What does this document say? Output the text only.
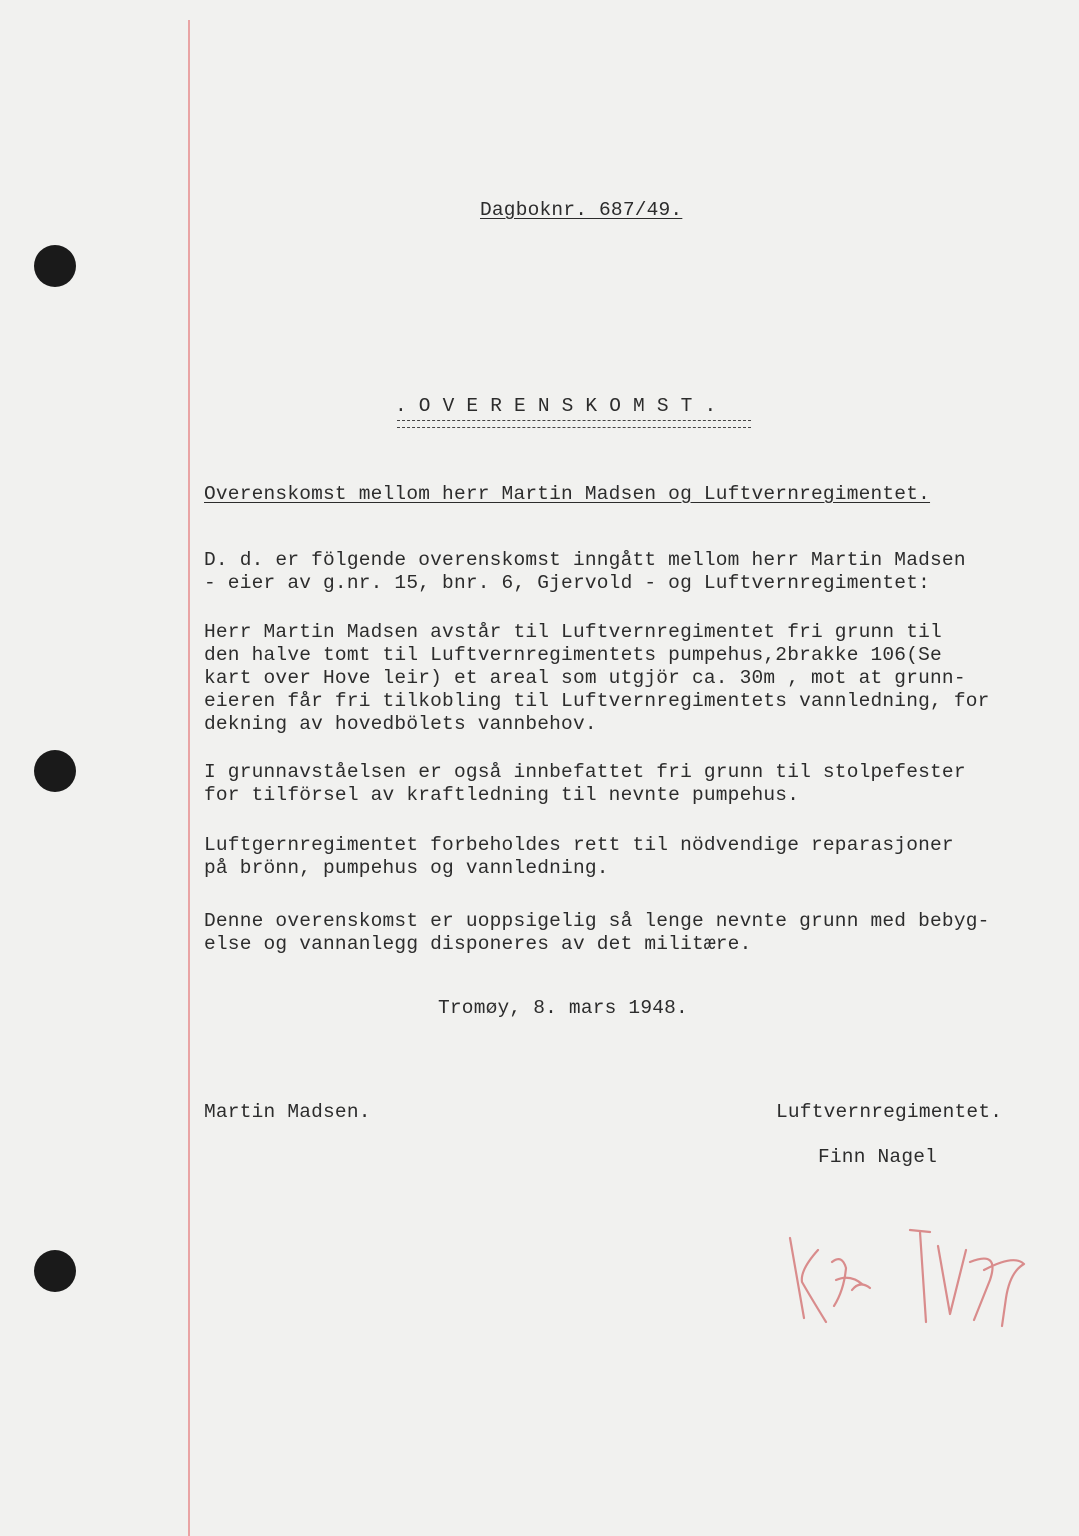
Dagboknr. 687/49.
. O V E R E N S K O M S T .
Overenskomst mellom herr Martin Madsen og Luftvernregimentet.
D. d. er fölgende overenskomst inngått mellom herr Martin Madsen
- eier av g.nr. 15, bnr. 6, Gjervold - og Luftvernregimentet:
Herr Martin Madsen avstår til Luftvernregimentet fri grunn til
den halve tomt til Luftvernregimentets pumpehus,2brakke 106(Se
kart over Hove leir) et areal som utgjör ca. 30m , mot at grunn-
eieren får fri tilkobling til Luftvernregimentets vannledning, for
dekning av hovedbölets vannbehov.
I grunnavståelsen er også innbefattet fri grunn til stolpefester
for tilförsel av kraftledning til nevnte pumpehus.
Luftgernregimentet forbeholdes rett til nödvendige reparasjoner
på brönn, pumpehus og vannledning.
Denne overenskomst er uoppsigelig så lenge nevnte grunn med bebyg-
else og vannanlegg disponeres av det militære.
Tromøy, 8. mars 1948.
Martin Madsen.	Luftvernregimentet.
Finn Nagel
